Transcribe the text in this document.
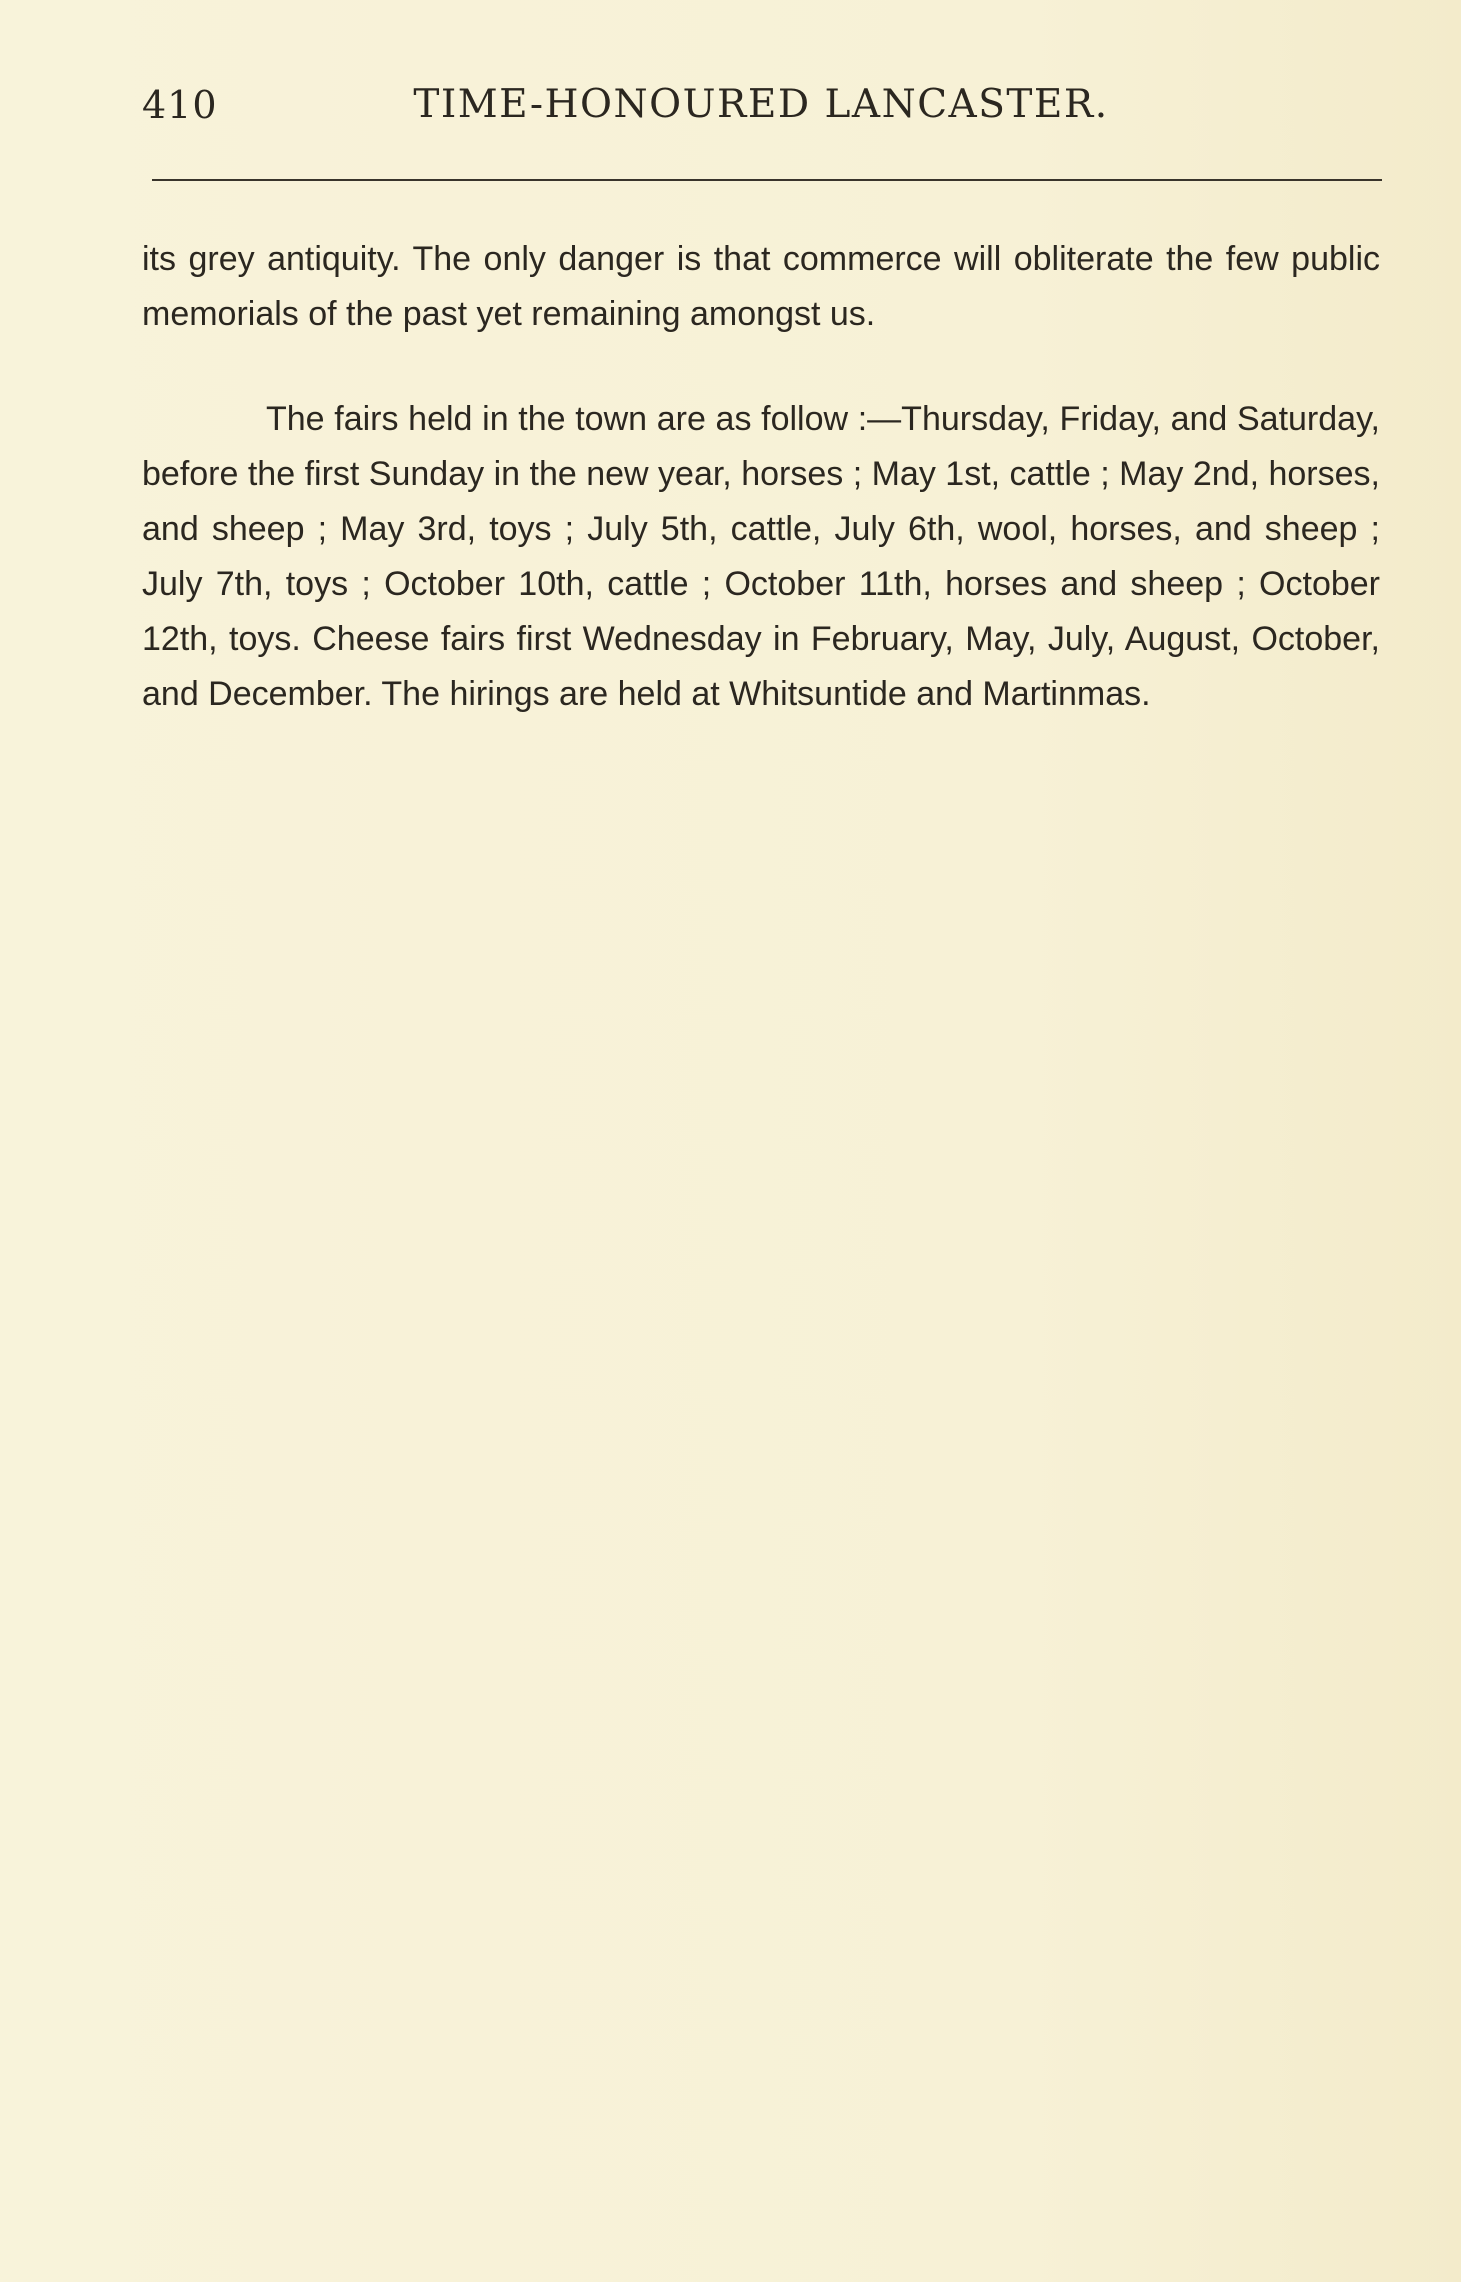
410	TIME-HONOURED LANCASTER.

its grey antiquity. The only danger is that commerce will obliterate the few public memorials of the past yet remaining amongst us.

The fairs held in the town are as follow :—Thursday, Friday, and Saturday, before the first Sunday in the new year, horses ; May 1st, cattle ; May 2nd, horses, and sheep ; May 3rd, toys ; July 5th, cattle, July 6th, wool, horses, and sheep ; July 7th, toys ; October 10th, cattle ; October 11th, horses and sheep ; October 12th, toys. Cheese fairs first Wednesday in February, May, July, August, October, and December. The hirings are held at Whitsuntide and Martinmas.
